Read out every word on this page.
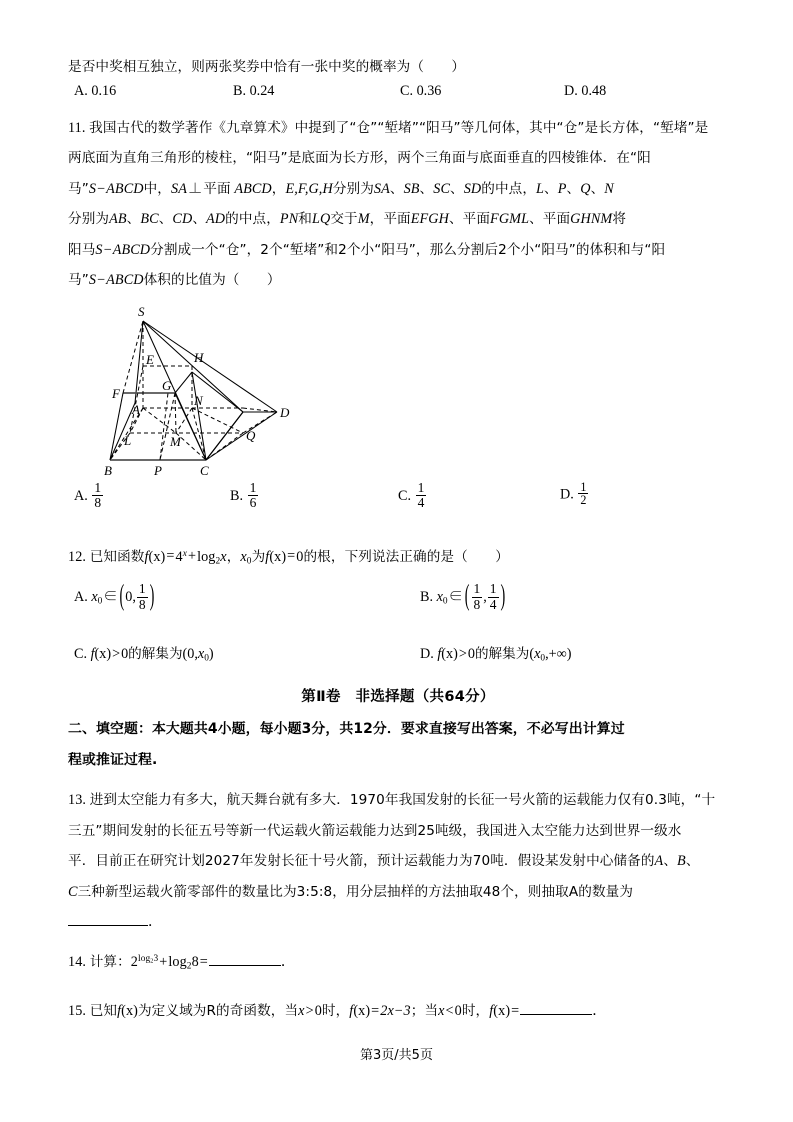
是否中奖相互独立，则两张奖券中恰有一张中奖的概率为（　　）
A. 0.16	B. 0.24	C. 0.36	D. 0.48
11. 我国古代的数学著作《九章算术》中提到了“仓”“堑堵”“阳马”等几何体，其中“仓”是长方体，“堑堵”是
两底面为直角三角形的棱柱，“阳马”是底面为长方形，两个三角面与底面垂直的四棱锥体．在“阳
马”S−ABCD中，SA⊥平面 ABCD，E,F,G,H分别为SA、SB、SC、SD的中点，L、P、Q、N
分别为AB、BC、CD、AD的中点，PN和LQ交于M，平面EFGH、平面FGML、平面GHNM将
阳马S−ABCD分割成一个“仓”，2个“堑堵”和2个小“阳马”，那么分割后2个小“阳马”的体积和与“阳
马”S−ABCD体积的比值为（　　）
S
E	H
F
G
N
A	D
L	M	Q
B	P	C
A. $\frac{1}{8}$	B. $\frac{1}{6}$	C. $\frac{1}{4}$	D. $\frac{1}{2}$
12. 已知函数$f(x)=4^x+\log_2x$，$x_0$为f(x)=0的根，下列说法正确的是（　　）
A. $x_0\in$ (0, $\frac{1}{8}$ )	B. $x_0\in$ ( $\frac{1}{8}$ , $\frac{1}{4}$ )
C. f(x)>0的解集为$(0,x_0)$	D. f(x)>0的解集为$(x_0,+\infty)$
第Ⅱ卷　非选择题（共64分）
二、填空题：本大题共4小题，每小题3分，共12分．要求直接写出答案，不必写出计算过
程或推证过程.
13. 进到太空能力有多大，航天舞台就有多大．1970年我国发射的长征一号火箭的运载能力仅有0.3吨，“十
三五”期间发射的长征五号等新一代运载火箭运载能力达到25吨级，我国进入太空能力达到世界一级水
平．目前正在研究计划2027年发射长征十号火箭，预计运载能力为70吨．假设某发射中心储备的A、B、
C三种新型运载火箭零部件的数量比为3:5:8，用分层抽样的方法抽取48个，则抽取A的数量为
．
14. 计算：$2^{log_23}+\log_28=$	．
15. 已知f(x)为定义域为R的奇函数，当x>0时，f(x)=2x−3；当x<0时，f(x)=	．
第3页/共5页
